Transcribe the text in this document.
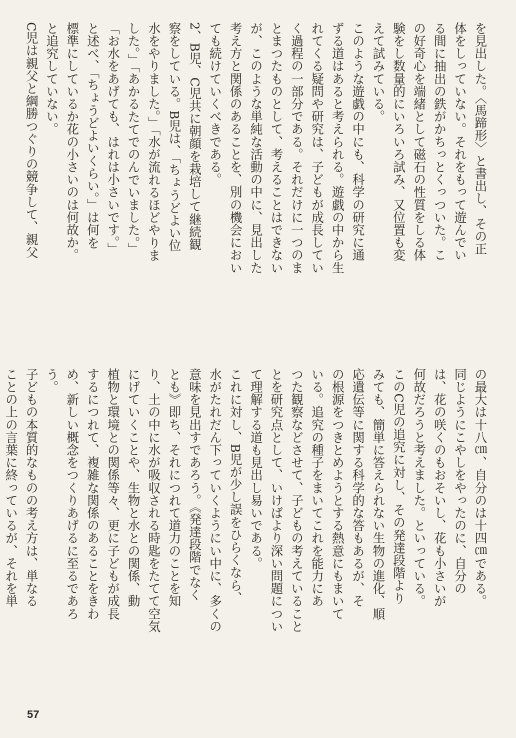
を見出した。〈馬蹄形〉と書出し、その正
体をしっていない。それをもって遊んでい
る間に抽出の鉄がかちっとくっついた。こ
の好奇心を端緒として磁石の性質をしる体
験をし数量的にいろいろ試み、又位置も変
えて試みている。
このような遊戯の中にも、科学の研究に通
ずる道はあると考えられる。遊戯の中から生
れてくる疑問や研究は、子どもが成長してい
く過程の一部分である。それだけに一つのま
とまつたものとして、考えることはできない
が、このような単純な活動の中に、見出した
考え方と関係のあることを、別の機会におい
ても続けていくべきである。
2、B児、C児共に朝顔を栽培して継続観
察をしている。B児は、「ちょうどよい位
水をやりました。」「水が流れるほどやりま
した。」「あかるたてでのんでいました。」
「お水をあげても、はれは小さいです。」
と述べ、「ちょうどよいくらい。」は何を
標準にしているか花の小さいのは何故か。
と追究していない。
C児は親父と綱勝つぐりの競争して、親父
の最大は十八㎝、自分のは十四㎝である。
同じようにこやしをやったのに、自分の
は、花の咲くのもおそいし、花も小さいが
何故だろうと考えました。といっている。
このC児の追究に対し、その発達段階より
みても、簡単に答えられない生物の進化、順
応遺伝等に関する科学的な答もあるが、そ
の根源をつきとめようとする熱意にもまいて
いる。追究の種子をまいてこれを能力にあ
つた観察などさせて、子どもの考えていること
とを研究点として、いけばより深い問題につい
て理解する道も見出し易いである。
これに対し、B児が少し誤をひらくなら、
水がたれだん下っていくようにい中に、多くの
意味を見出すであろう。《発達段階でなく
とも》即ち、それにつれて道力のことを知
り、土の中に水が吸収される時匙をたてて空気
にげていくことや、生物と水との関係、動
植物と環境との関係等々、更に子どもが成長
するにつれて、複雑な関係のあることをきわ
め、新しい概念をつくりあげるに至るであろ
う。
子どもの本質的なものの考え方は、単なる
ことの上の言葉に終っているが、それを単

57
